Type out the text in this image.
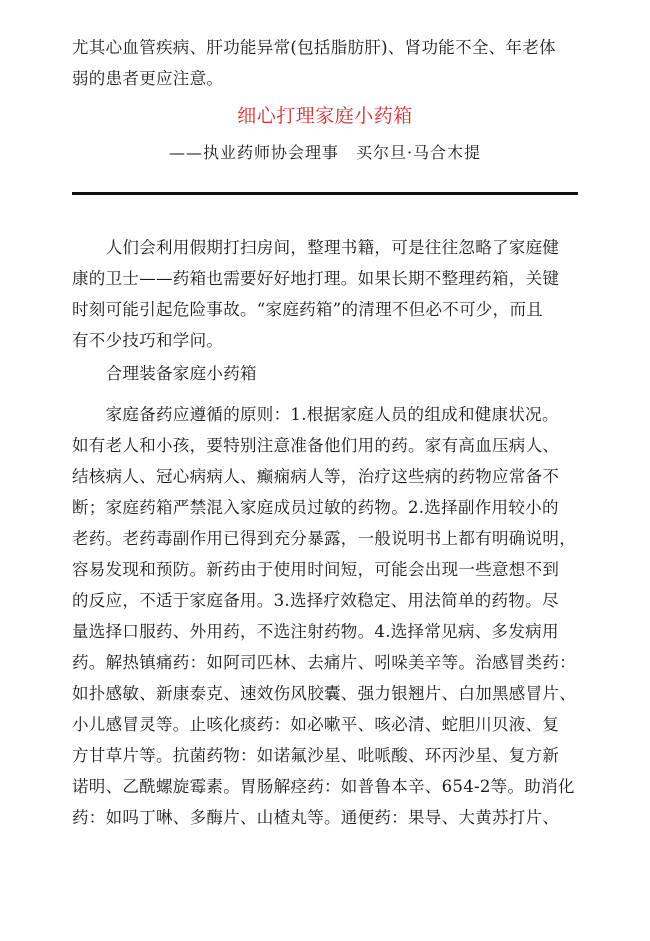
尤其心血管疾病、肝功能异常(包括脂肪肝)、肾功能不全、年老体
弱的患者更应注意。
细心打理家庭小药箱
——执业药师协会理事　买尔旦·马合木提
　　人们会利用假期打扫房间，整理书籍，可是往往忽略了家庭健
康的卫士——药箱也需要好好地打理。如果长期不整理药箱，关键
时刻可能引起危险事故。“家庭药箱”的清理不但必不可少，而且
有不少技巧和学问。
　　合理装备家庭小药箱
　　家庭备药应遵循的原则：1.根据家庭人员的组成和健康状况。
如有老人和小孩，要特别注意准备他们用的药。家有高血压病人、
结核病人、冠心病病人、癫痫病人等，治疗这些病的药物应常备不
断；家庭药箱严禁混入家庭成员过敏的药物。2.选择副作用较小的
老药。老药毒副作用已得到充分暴露，一般说明书上都有明确说明，
容易发现和预防。新药由于使用时间短，可能会出现一些意想不到
的反应，不适于家庭备用。3.选择疗效稳定、用法简单的药物。尽
量选择口服药、外用药，不选注射药物。4.选择常见病、多发病用
药。解热镇痛药：如阿司匹林、去痛片、吲哚美辛等。治感冒类药：
如扑感敏、新康泰克、速效伤风胶囊、强力银翘片、白加黑感冒片、
小儿感冒灵等。止咳化痰药：如必嗽平、咳必清、蛇胆川贝液、复
方甘草片等。抗菌药物：如诺氟沙星、吡哌酸、环丙沙星、复方新
诺明、乙酰螺旋霉素。胃肠解痉药：如普鲁本辛、654-2等。助消化
药：如吗丁啉、多酶片、山楂丸等。通便药：果导、大黄苏打片、
